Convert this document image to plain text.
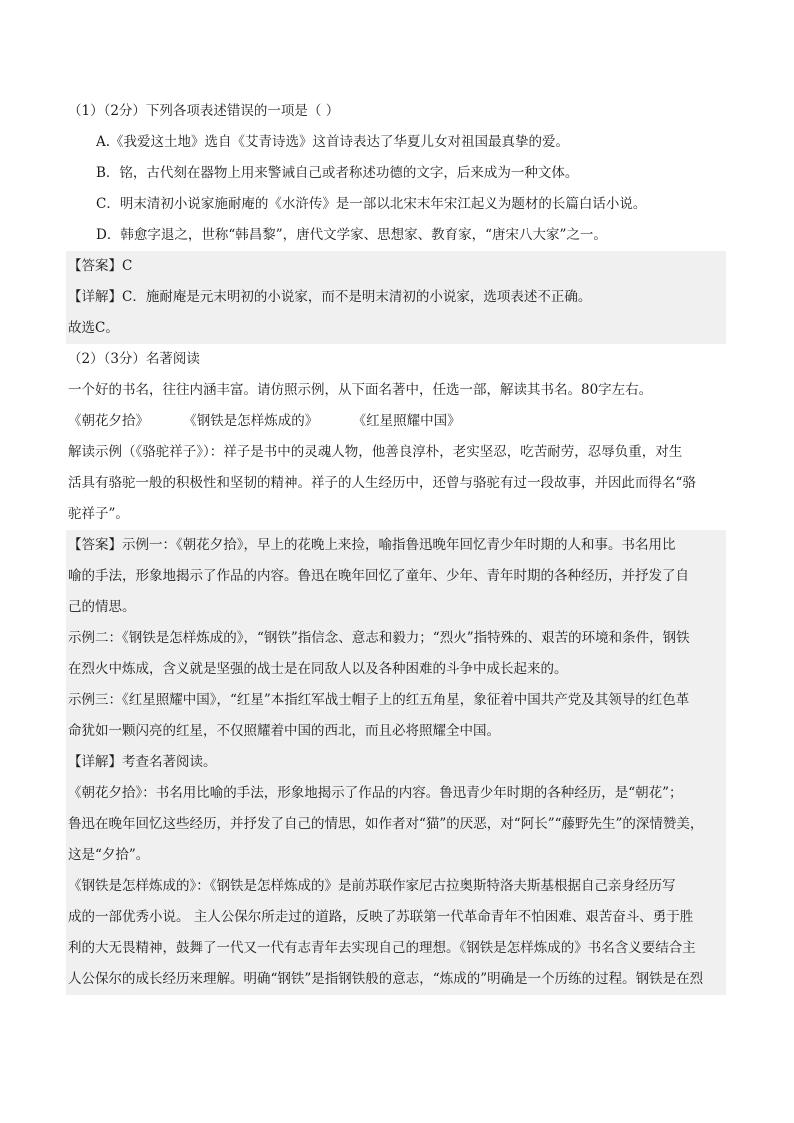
（1）（2分）下列各项表述错误的一项是（ ）
A.《我爱这土地》选自《艾青诗选》这首诗表达了华夏儿女对祖国最真挚的爱。
B．铭，古代刻在器物上用来警诫自己或者称述功德的文字，后来成为一种文体。
C．明末清初小说家施耐庵的《水浒传》是一部以北宋末年宋江起义为题材的长篇白话小说。
D．韩愈字退之，世称“韩昌黎”，唐代文学家、思想家、教育家，“唐宋八大家”之一。
【答案】C
【详解】C．施耐庵是元末明初的小说家，而不是明末清初的小说家，选项表述不正确。
故选C。
（2）（3分）名著阅读
一个好的书名，往往内涵丰富。请仿照示例，从下面名著中，任选一部，解读其书名。80字左右。
《朝花夕拾》	《钢铁是怎样炼成的》	《红星照耀中国》
解读示例（《骆驼祥子》）：祥子是书中的灵魂人物，他善良淳朴，老实坚忍，吃苦耐劳，忍辱负重，对生
活具有骆驼一般的积极性和坚韧的精神。祥子的人生经历中，还曾与骆驼有过一段故事，并因此而得名“骆
驼祥子”。
【答案】示例一：《朝花夕拾》，早上的花晚上来捡，喻指鲁迅晚年回忆青少年时期的人和事。书名用比
喻的手法，形象地揭示了作品的内容。鲁迅在晚年回忆了童年、少年、青年时期的各种经历，并抒发了自
己的情思。
示例二：《钢铁是怎样炼成的》，“钢铁”指信念、意志和毅力；“烈火”指特殊的、艰苦的环境和条件，钢铁
在烈火中炼成，含义就是坚强的战士是在同敌人以及各种困难的斗争中成长起来的。
示例三：《红星照耀中国》，“红星”本指红军战士帽子上的红五角星，象征着中国共产党及其领导的红色革
命犹如一颗闪亮的红星，不仅照耀着中国的西北，而且必将照耀全中国。
【详解】考查名著阅读。
《朝花夕拾》：书名用比喻的手法，形象地揭示了作品的内容。鲁迅青少年时期的各种经历，是“朝花”；
鲁迅在晚年回忆这些经历，并抒发了自己的情思，如作者对“猫”的厌恶，对“阿长”“藤野先生”的深情赞美，
这是“夕拾”。
《钢铁是怎样炼成的》：《钢铁是怎样炼成的》是前苏联作家尼古拉奥斯特洛夫斯基根据自己亲身经历写
成的一部优秀小说。 主人公保尔所走过的道路，反映了苏联第一代革命青年不怕困难、艰苦奋斗、勇于胜
利的大无畏精神，鼓舞了一代又一代有志青年去实现自己的理想。《钢铁是怎样炼成的》书名含义要结合主
人公保尔的成长经历来理解。明确“钢铁”是指钢铁般的意志，“炼成的”明确是一个历练的过程。钢铁是在烈
